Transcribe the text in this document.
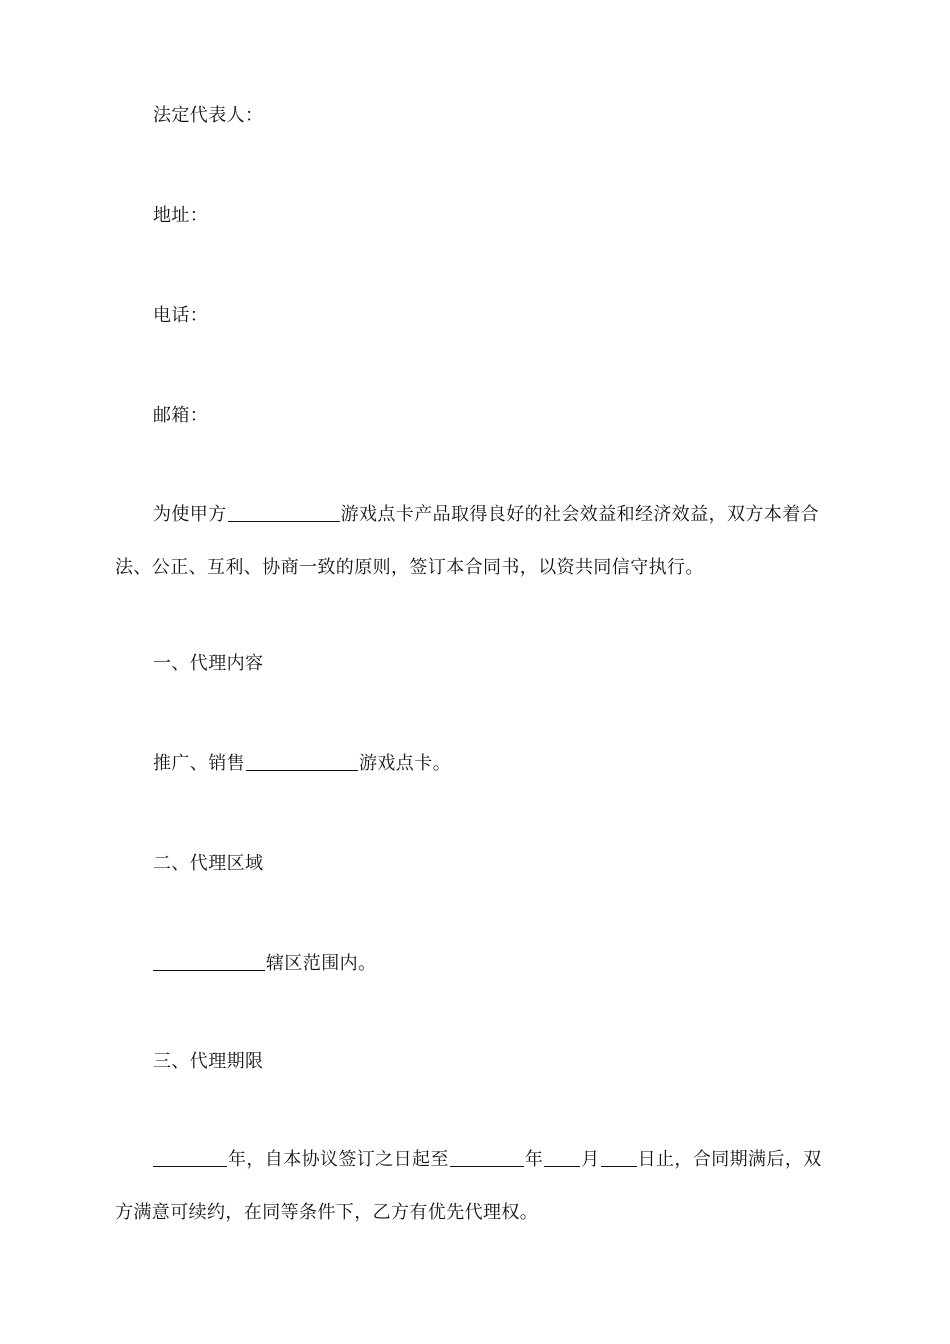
法定代表人：
地址：
电话：
邮箱：
为使甲方	游戏点卡产品取得良好的社会效益和经济效益，双方本着合法、公正、互利、协商一致的原则，签订本合同书，以资共同信守执行。
一、代理内容
推广、销售	游戏点卡。
二、代理区域
辖区范围内。
三、代理期限
年，自本协议签订之日起至	年 月 日止，合同期满后，双方满意可续约，在同等条件下，乙方有优先代理权。
